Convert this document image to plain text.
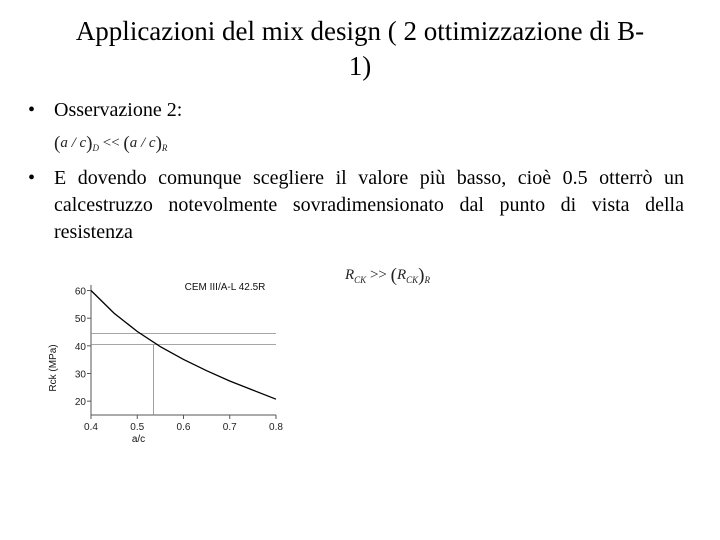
Applicazioni del mix design ( 2 ottimizzazione di B-
1)
• Osservazione 2:
$(a / c)_D << (a / c)_R$
• E dovendo comunque scegliere il valore più basso, cioè 0.5 otterrò un calcestruzzo notevolmente sovradimensionato dal punto di vista della resistenza
$R_{CK} >> (R_{CK})_R$
20
30
40
50
60
0.4	0.5	0.6	0.7	0.8
CEM III/A-L 42.5R
a/c
Rck (MPa)
